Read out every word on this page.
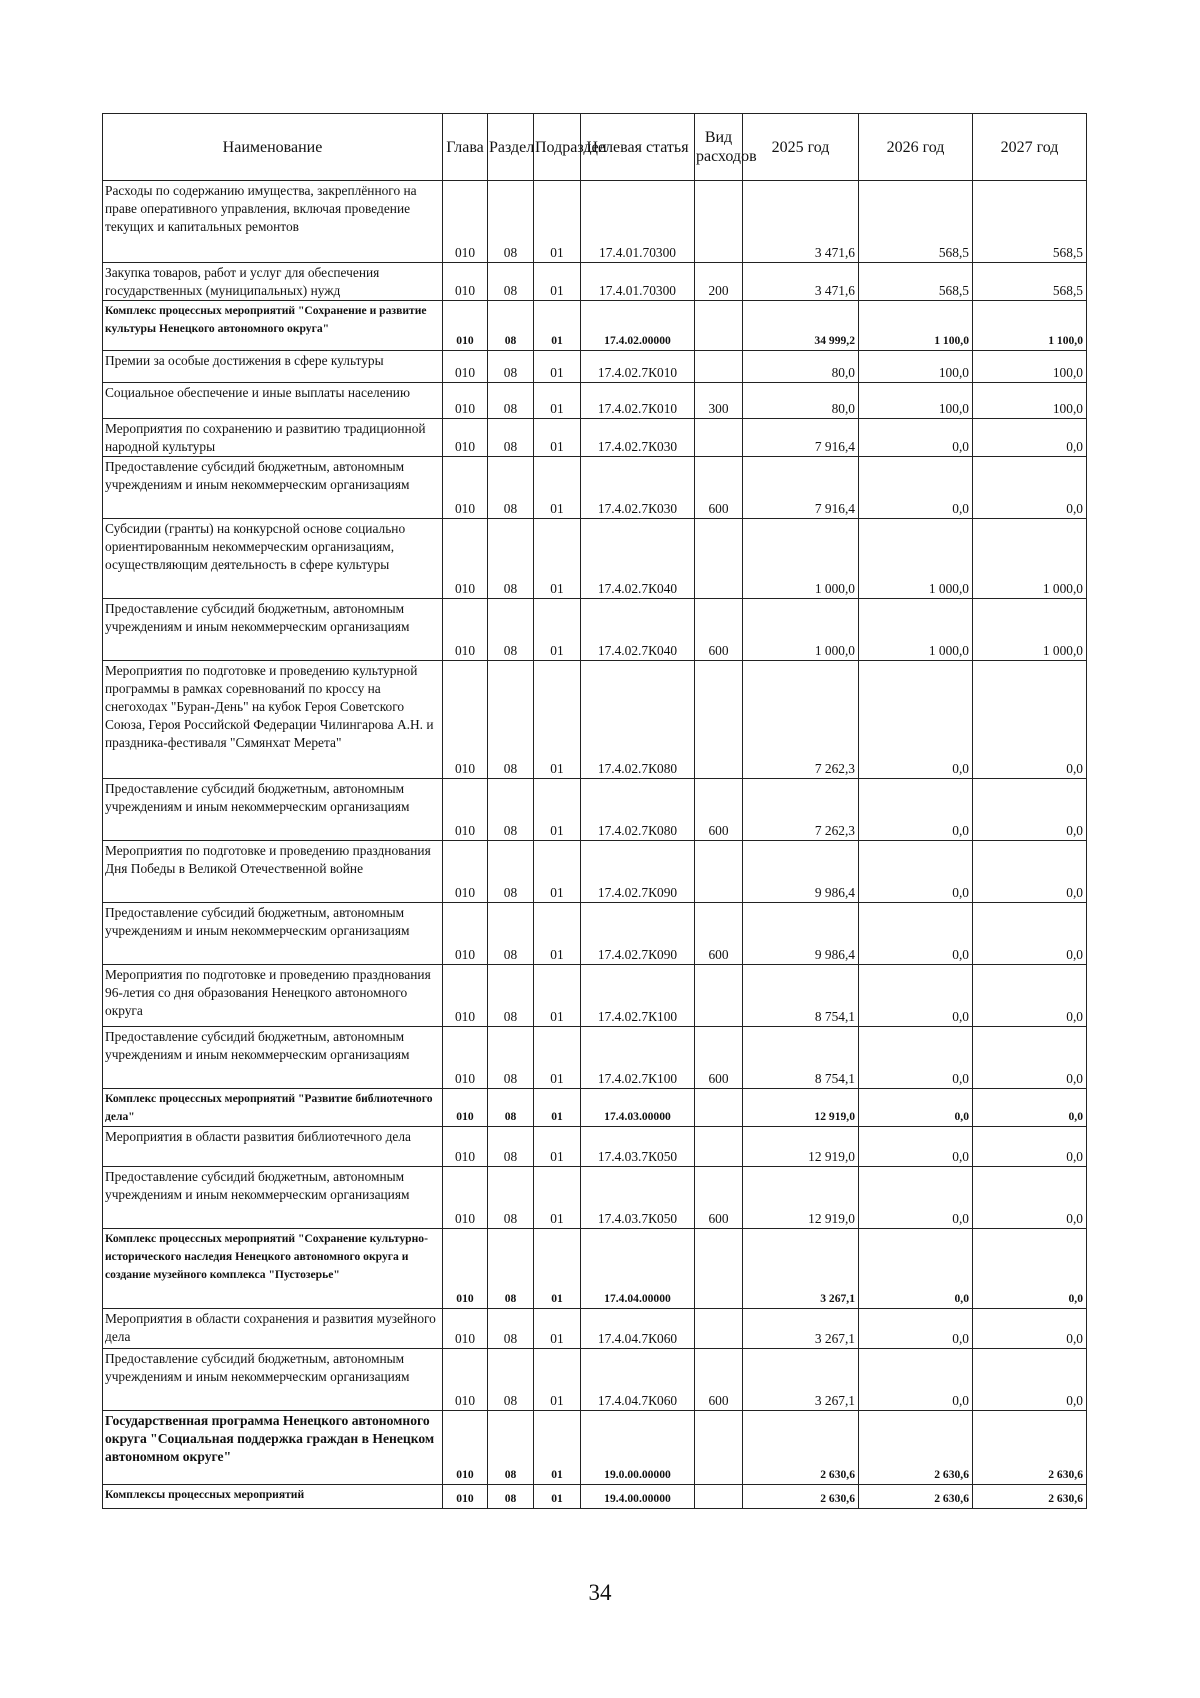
Наименование	Глава	Раздел	Подраздел	Целевая статья	Вид расходов	2025 год	2026 год	2027 год
Расходы по содержанию имущества, закреплённого на праве оперативного управления, включая проведение текущих и капитальных ремонтов	010	08	01	17.4.01.70300		3 471,6	568,5	568,5
Закупка товаров, работ и услуг для обеспечения государственных (муниципальных) нужд	010	08	01	17.4.01.70300	200	3 471,6	568,5	568,5
Комплекс процессных мероприятий "Сохранение и развитие культуры Ненецкого автономного округа"	010	08	01	17.4.02.00000		34 999,2	1 100,0	1 100,0
Премии за особые достижения в сфере культуры	010	08	01	17.4.02.7К010		80,0	100,0	100,0
Социальное обеспечение и иные выплаты населению	010	08	01	17.4.02.7К010	300	80,0	100,0	100,0
Мероприятия по сохранению и развитию традиционной народной культуры	010	08	01	17.4.02.7К030		7 916,4	0,0	0,0
Предоставление субсидий бюджетным, автономным учреждениям и иным некоммерческим организациям	010	08	01	17.4.02.7К030	600	7 916,4	0,0	0,0
Субсидии (гранты) на конкурсной основе социально ориентированным некоммерческим организациям, осуществляющим деятельность в сфере культуры	010	08	01	17.4.02.7К040		1 000,0	1 000,0	1 000,0
Предоставление субсидий бюджетным, автономным учреждениям и иным некоммерческим организациям	010	08	01	17.4.02.7К040	600	1 000,0	1 000,0	1 000,0
Мероприятия по подготовке и проведению культурной программы в рамках соревнований по кроссу на снегоходах "Буран-День" на кубок Героя Советского Союза, Героя Российской Федерации Чилингарова А.Н. и праздника-фестиваля "Сямянхат Мерета"	010	08	01	17.4.02.7К080		7 262,3	0,0	0,0
Предоставление субсидий бюджетным, автономным учреждениям и иным некоммерческим организациям	010	08	01	17.4.02.7К080	600	7 262,3	0,0	0,0
Мероприятия по подготовке и проведению празднования Дня Победы в Великой Отечественной войне	010	08	01	17.4.02.7К090		9 986,4	0,0	0,0
Предоставление субсидий бюджетным, автономным учреждениям и иным некоммерческим организациям	010	08	01	17.4.02.7К090	600	9 986,4	0,0	0,0
Мероприятия по подготовке и проведению празднования 96-летия со дня образования Ненецкого автономного округа	010	08	01	17.4.02.7К100		8 754,1	0,0	0,0
Предоставление субсидий бюджетным, автономным учреждениям и иным некоммерческим организациям	010	08	01	17.4.02.7К100	600	8 754,1	0,0	0,0
Комплекс процессных мероприятий "Развитие библиотечного дела"	010	08	01	17.4.03.00000		12 919,0	0,0	0,0
Мероприятия в области развития библиотечного дела	010	08	01	17.4.03.7К050		12 919,0	0,0	0,0
Предоставление субсидий бюджетным, автономным учреждениям и иным некоммерческим организациям	010	08	01	17.4.03.7К050	600	12 919,0	0,0	0,0
Комплекс процессных мероприятий "Сохранение культурно-исторического наследия Ненецкого автономного округа и создание музейного комплекса "Пустозерье"	010	08	01	17.4.04.00000		3 267,1	0,0	0,0
Мероприятия в области сохранения и развития музейного дела	010	08	01	17.4.04.7К060		3 267,1	0,0	0,0
Предоставление субсидий бюджетным, автономным учреждениям и иным некоммерческим организациям	010	08	01	17.4.04.7К060	600	3 267,1	0,0	0,0
Государственная программа Ненецкого автономного округа "Социальная поддержка граждан в Ненецком автономном округе"	010	08	01	19.0.00.00000		2 630,6	2 630,6	2 630,6
Комплексы процессных мероприятий	010	08	01	19.4.00.00000		2 630,6	2 630,6	2 630,6
34
